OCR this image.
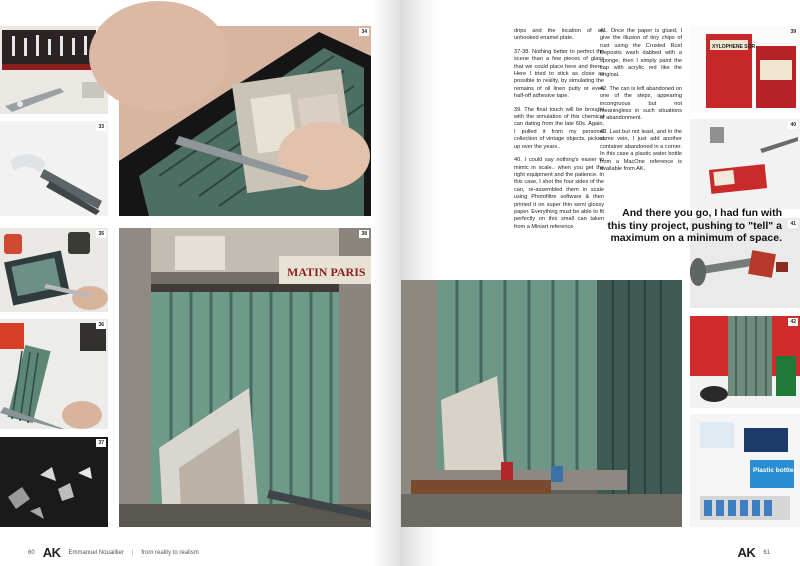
33
34
35
36
37
MATIN PARIS
38

60 AK Emmanuel Nouaillier | from reality to realism

drips and the location of an unhooked enamel plate.

37-38. Nothing better to perfect the scene than a few pieces of glass that we could place here and there. Here I tried to stick as close as possible to reality, by simulating the remains of oil linen putty or even half-off adhesive tape.

39. The final touch will be brought with the simulation of this chemical can dating from the late 60s. Again, I pulled it from my personal collection of vintage objects, picked up over the years..

40. I could say nothing's easier to mimic in scale.. when you get the right equipment and the patience. In this case, I shot the four sides of the can, re-assembled them in scale using Photofiltre software & then printed it on super thin semi glossy paper. Everything must be able to fit perfectly on this small can taken from a Miniart reference.

41. Once the paper is glued, I give the illusion of tiny chips of rust using the Crusted Rust Deposits wash dabbed with a sponge, then I simply paint the cap with acrylic red like the original.

42. The can is left abandoned on one of the steps, appearing incongruous but not meaningless in such situations of abandonment.

43. Last but not least, and in the same vein, I just add another container abandoned in a corner. In this case a plastic water bottle from a MacOne reference is available from AK.

XYLOPHENE SOR
39
40
41
42
Plastic bottles
And there you go, I had fun with this tiny project, pushing to "tell" a maximum on a minimum of space.
AK 61
